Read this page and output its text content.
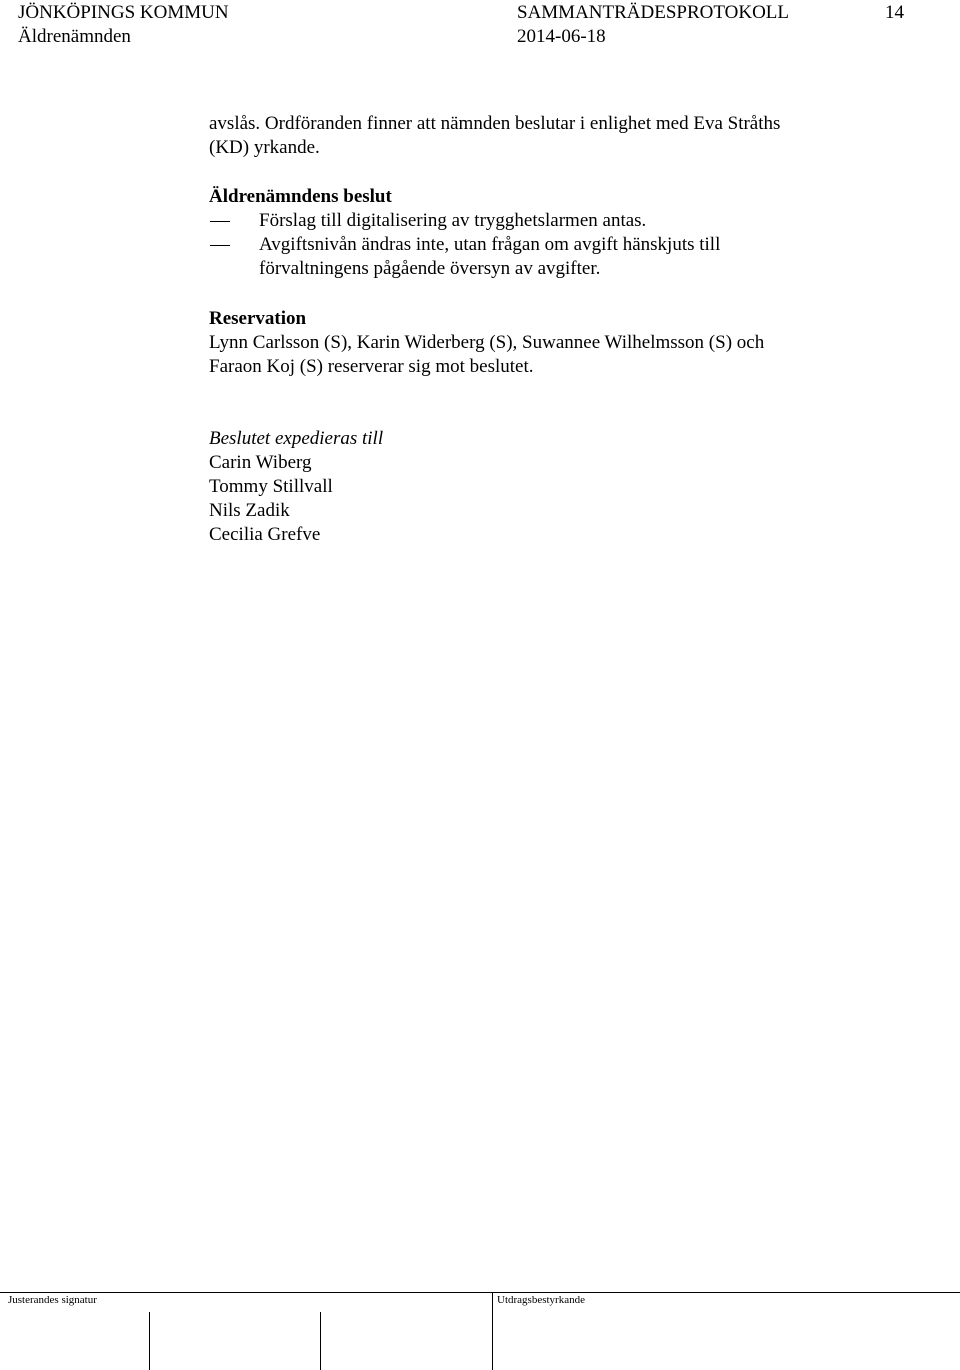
JÖNKÖPINGS KOMMUN
Äldrenämnden
SAMMANTRÄDESPROTOKOLL
2014-06-18
14
avslås. Ordföranden finner att nämnden beslutar i enlighet med Eva Stråths
(KD) yrkande.
Äldrenämndens beslut
Förslag till digitalisering av trygghetslarmen antas.
Avgiftsnivån ändras inte, utan frågan om avgift hänskjuts till
förvaltningens pågående översyn av avgifter.
Reservation
Lynn Carlsson (S), Karin Widerberg (S), Suwannee Wilhelmsson (S) och
Faraon Koj (S) reserverar sig mot beslutet.
Beslutet expedieras till
Carin Wiberg
Tommy Stillvall
Nils Zadik
Cecilia Grefve
Justerandes signatur	Utdragsbestyrkande
